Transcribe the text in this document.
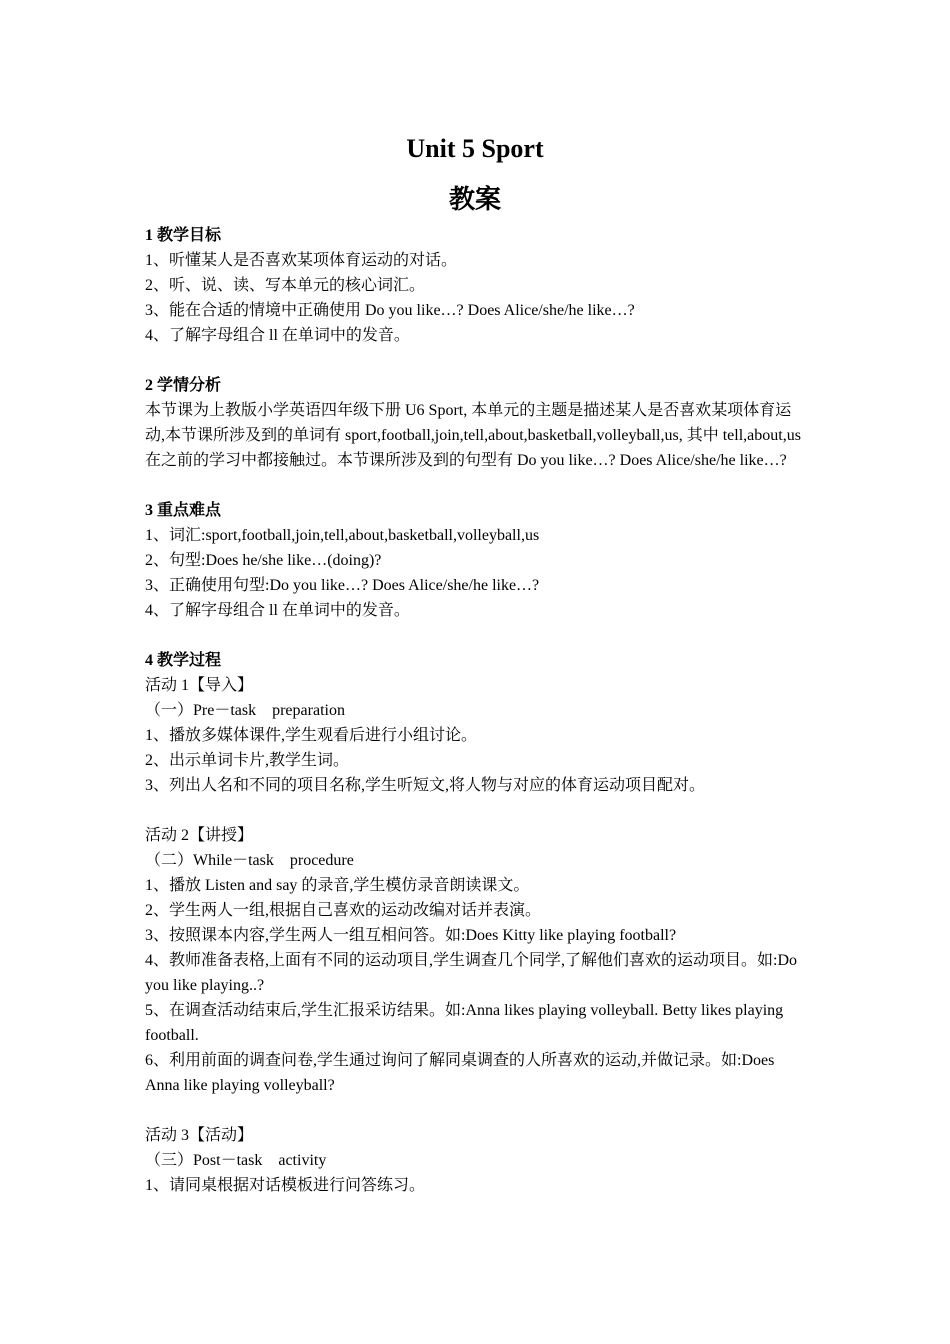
Unit 5 Sport
教案

1 教学目标

1、听懂某人是否喜欢某项体育运动的对话。

2、听、说、读、写本单元的核心词汇。

3、能在合适的情境中正确使用 Do you like…? Does Alice/she/he like…?

4、了解字母组合 ll 在单词中的发音。

2 学情分析

本节课为上教版小学英语四年级下册 U6 Sport, 本单元的主题是描述某人是否喜欢某项体育运动,本节课所涉及到的单词有 sport,football,join,tell,about,basketball,volleyball,us, 其中 tell,about,us 在之前的学习中都接触过。本节课所涉及到的句型有 Do you like…? Does Alice/she/he like…?

3 重点难点

1、词汇:sport,football,join,tell,about,basketball,volleyball,us

2、句型:Does he/she like…(doing)?

3、正确使用句型:Do you like…? Does Alice/she/he like…?

4、了解字母组合 ll 在单词中的发音。

4 教学过程

活动 1【导入】

（一）Pre－task　preparation

1、播放多媒体课件,学生观看后进行小组讨论。

2、出示单词卡片,教学生词。

3、列出人名和不同的项目名称,学生听短文,将人物与对应的体育运动项目配对。

活动 2【讲授】

（二）While－task　procedure

1、播放 Listen and say 的录音,学生模仿录音朗读课文。

2、学生两人一组,根据自己喜欢的运动改编对话并表演。

3、按照课本内容,学生两人一组互相问答。如:Does Kitty like playing football?

4、教师准备表格,上面有不同的运动项目,学生调查几个同学,了解他们喜欢的运动项目。如:Do you like playing..?

5、在调查活动结束后,学生汇报采访结果。如:Anna likes playing volleyball. Betty likes playing football.

6、利用前面的调查问卷,学生通过询问了解同桌调查的人所喜欢的运动,并做记录。如:Does Anna like playing volleyball?

活动 3【活动】

（三）Post－task　activity

1、请同桌根据对话模板进行问答练习。
